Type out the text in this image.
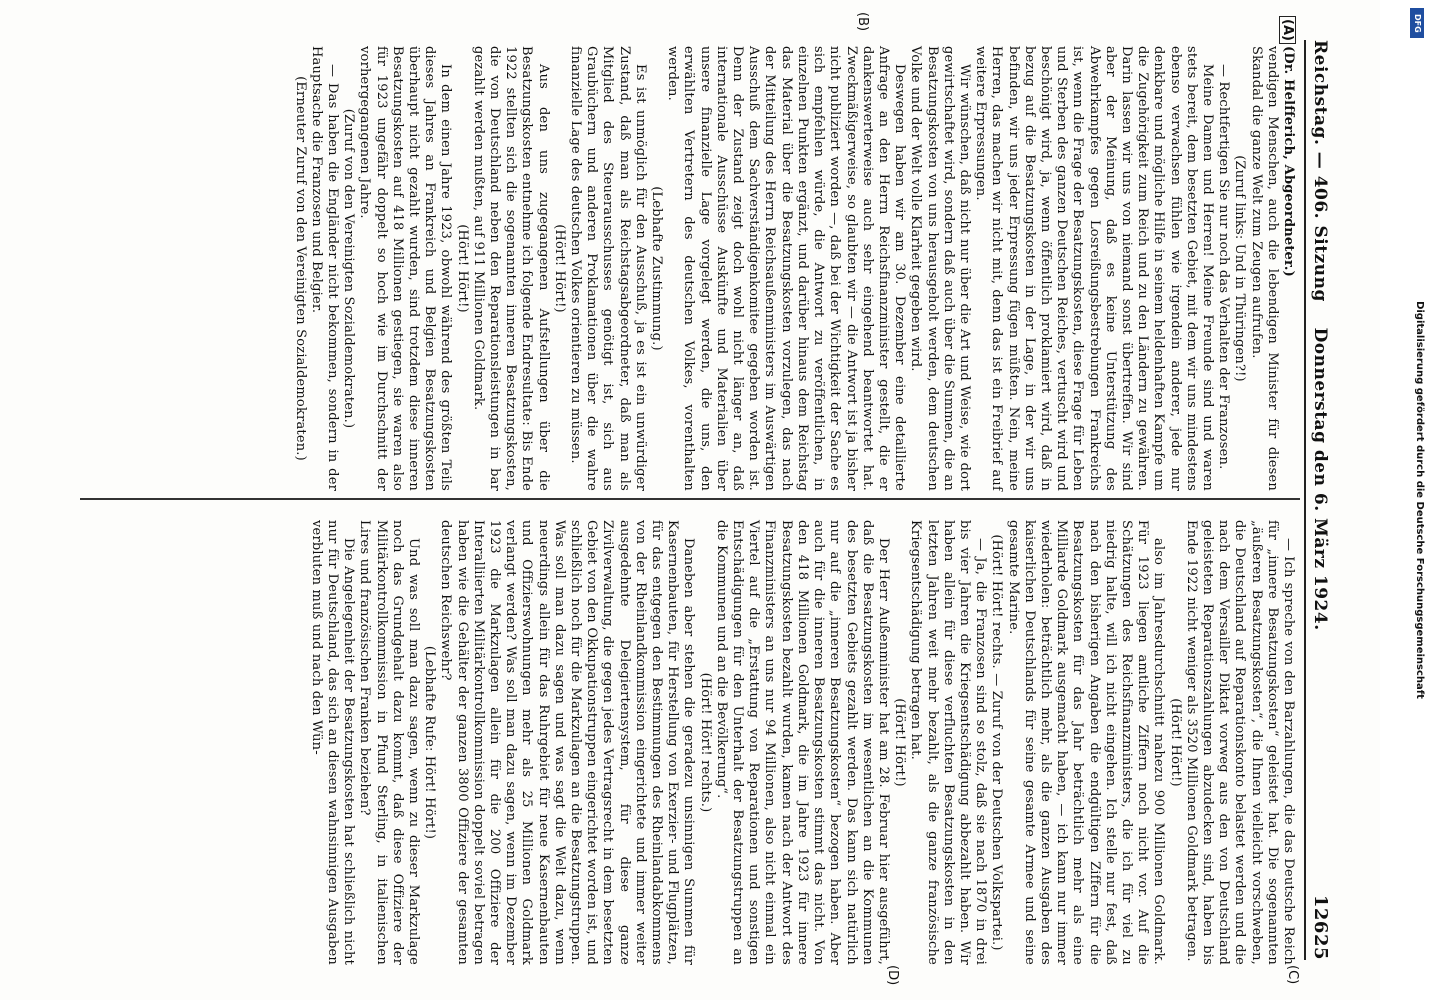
Reichstag. — 406. Sitzung    Donnerstag den 6. März 1924.
12625
(A)
(B)
(C)
(D)

(Dr. Helfferich, Abgeordneter.)

vendigen Menschen, auch die lebendigen Minister für diesen Skandal die ganze Welt zum Zeugen aufrufen.

(Zuruf links: Und in Thüringen?!)

— Rechtfertigen Sie nur noch das Verhalten der Franzosen.

Meine Damen und Herren! Meine Freunde sind und waren stets bereit, dem besetzten Gebiet, mit dem wir uns mindestens ebenso verwachsen fühlen wie irgendein anderer, jede nur denkbare und mögliche Hilfe in seinem heldenhaften Kampfe um die Zugehörigkeit zum Reich und zu den Ländern zu gewähren. Darin lassen wir uns von niemand sonst übertreffen. Wir sind aber der Meinung, daß es keine Unterstützung des Abwehrkampfes gegen Losreißungsbestrebungen Frankreichs ist, wenn die Frage der Besatzungskosten, diese Frage für Leben und Sterben des ganzen Deutschen Reiches, vertuscht wird und beschönigt wird, ja, wenn öffentlich proklamiert wird, daß in bezug auf die Besatzungskosten in der Lage, in der wir uns befinden, wir uns jeder Erpressung fügen müßten. Nein, meine Herren, das machen wir nicht mit, denn das ist ein Freibrief auf weitere Erpressungen.

Wir wünschen, daß nicht nur über die Art und Weise, wie dort gewirtschaftet wird, sondern daß auch über die Summen, die an Besatzungskosten von uns herausgeholt werden, dem deutschen Volke und der Welt volle Klarheit gegeben wird.

Deswegen haben wir am 30. Dezember eine detaillierte Anfrage an den Herrn Reichsfinanzminister gestellt, die er dankenswerterweise auch sehr eingehend beantwortet hat. Zweckmäßigerweise, so glaubten wir — die Antwort ist ja bisher nicht publiziert worden —, daß bei der Wichtigkeit der Sache es sich empfehlen würde, die Antwort zu veröffentlichen, in einzelnen Punkten ergänzt, und darüber hinaus dem Reichstag das Material über die Besatzungskosten vorzulegen, das nach der Mitteilung des Herrn Reichsaußenministers im Auswärtigen Ausschuß dem Sachverständigenkomitee gegeben worden ist. Denn der Zustand zeigt doch wohl nicht länger an, daß internationale Ausschüsse Auskünfte und Materialien über unsere finanzielle Lage vorgelegt werden, die uns, den erwählten Vertretern des deutschen Volkes, vorenthalten werden.

(Lebhafte Zustimmung.)

Es ist unmöglich für den Ausschuß, ja es ist ein unwürdiger Zustand, daß man als Reichstagsabgeordneter, daß man als Mitglied des Steuerausschusses genötigt ist, sich aus Graubüchern und anderen Proklamationen über die wahre finanzielle Lage des deutschen Volkes orientieren zu müssen.

(Hört! Hört!)

Aus den uns zugegangenen Aufstellungen über die Besatzungskosten entnehme ich folgende Endresultate: Bis Ende 1922 stellten sich die sogenannten inneren Besatzungskosten, die von Deutschland neben den Reparationsleistungen in bar gezahlt werden mußten, auf 911 Millionen Goldmark.

(Hört! Hört!)

In dem einen Jahre 1923, obwohl während des größten Teils dieses Jahres an Frankreich und Belgien Besatzungskosten überhaupt nicht gezahlt wurden, sind trotzdem diese inneren Besatzungskosten auf 418 Millionen gestiegen, sie waren also für 1923 ungefähr doppelt so hoch wie im Durchschnitt der vorhergegangenen Jahre.

(Zuruf von den Vereinigten Sozialdemokraten.)

— Das haben die Engländer nicht bekommen, sondern in der Hauptsache die Franzosen und Belgier.

(Erneuter Zuruf von den Vereinigten Sozialdemokraten.)

— Ich spreche von den Barzahlungen, die das Deutsche Reich für „innere Besatzungskosten“ geleistet hat. Die sogenannten „äußeren Besatzungskosten“, die Ihnen vielleicht vorschweben, die Deutschland auf Reparationskonto belastet werden und die nach dem Versailler Diktat vorweg aus den von Deutschland geleisteten Reparationszahlungen abzudecken sind, haben bis Ende 1922 nicht weniger als 3520 Millionen Goldmark betragen.

(Hört! Hört!)

also im Jahresdurchschnitt nahezu 900 Millionen Goldmark. Für 1923 liegen amtliche Ziffern noch nicht vor. Auf die Schätzungen des Reichsfinanzministers, die ich für viel zu niedrig halte, will ich nicht eingehen. Ich stelle nur fest, daß nach den bisherigen Angaben die endgültigen Ziffern für die Besatzungskosten für das Jahr beträchtlich mehr als eine Milliarde Goldmark ausgemacht haben, — ich kann nur immer wiederholen: beträchtlich mehr, als die ganzen Ausgaben des kaiserlichen Deutschlands für seine gesamte Armee und seine gesamte Marine.

(Hört! Hört! rechts. — Zuruf von der Deutschen Volkspartei.)

— Ja, die Franzosen sind so stolz, daß sie nach 1870 in drei bis vier Jahren die Kriegsentschädigung abbezahlt haben. Wir haben allein für diese verfluchten Besatzungskosten in den letzten Jahren weit mehr bezahlt, als die ganze französische Kriegsentschädigung betragen hat.

(Hört! Hört!)

Der Herr Außenminister hat am 28. Februar hier ausgeführt, daß die Besatzungskosten im wesentlichen an die Kommunen des besetzten Gebiets gezahlt werden. Das kann sich natürlich nur auf die „inneren Besatzungskosten“ bezogen haben. Aber auch für die inneren Besatzungskosten stimmt das nicht. Von den 418 Millionen Goldmark, die im Jahre 1923 für innere Besatzungskosten bezahlt wurden, kamen nach der Antwort des Finanzministers an uns nur 94 Millionen, also nicht einmal ein Viertel auf die „Erstattung von Reparationen und sonstigen Entschädigungen für den Unterhalt der Besatzungstruppen an die Kommunen und an die Bevölkerung“.

(Hört! Hört! rechts.)

Daneben aber stehen die geradezu unsinnigen Summen für Kasernenbauten, für Herstellung von Exerzier- und Flugplätzen, für das entgegen den Bestimmungen des Rheinlandabkommens von der Rheinlandkommission eingerichtete und immer weiter ausgedehnte Delegiertensystem, für diese ganze Zivilverwaltung, die gegen jedes Vertragsrecht in dem besetzten Gebiet von den Okkupationstruppen eingerichtet worden ist, und schließlich noch für die Markzulagen an die Besatzungstruppen. Was soll man dazu sagen und was sagt die Welt dazu, wenn neuerdings allein für das Ruhrgebiet für neue Kasernenbauten und Offizierswohnungen mehr als 25 Millionen Goldmark verlangt werden? Was soll man dazu sagen, wenn im Dezember 1923 die Markzulagen allein für die 200 Offiziere der Interalliierten Militärkontrollkommission doppelt soviel betragen haben wie die Gehälter der ganzen 3800 Offiziere der gesamten deutschen Reichswehr?

(Lebhafte Rufe: Hört! Hört!)

Und was soll man dazu sagen, wenn zu dieser Markzulage noch das Grundgehalt dazu kommt, daß diese Offiziere der Militärkontrollkommission in Pfund Sterling, in italienischen Lires und französischen Franken beziehen?

Die Angelegenheit der Besatzungskosten hat schließlich nicht nur für Deutschland, das sich an diesen wahnsinnigen Ausgaben verbluten muß und nach den Wün-

DFG
Digitalisierung gefördert durch die Deutsche Forschungsgemeinschaft
